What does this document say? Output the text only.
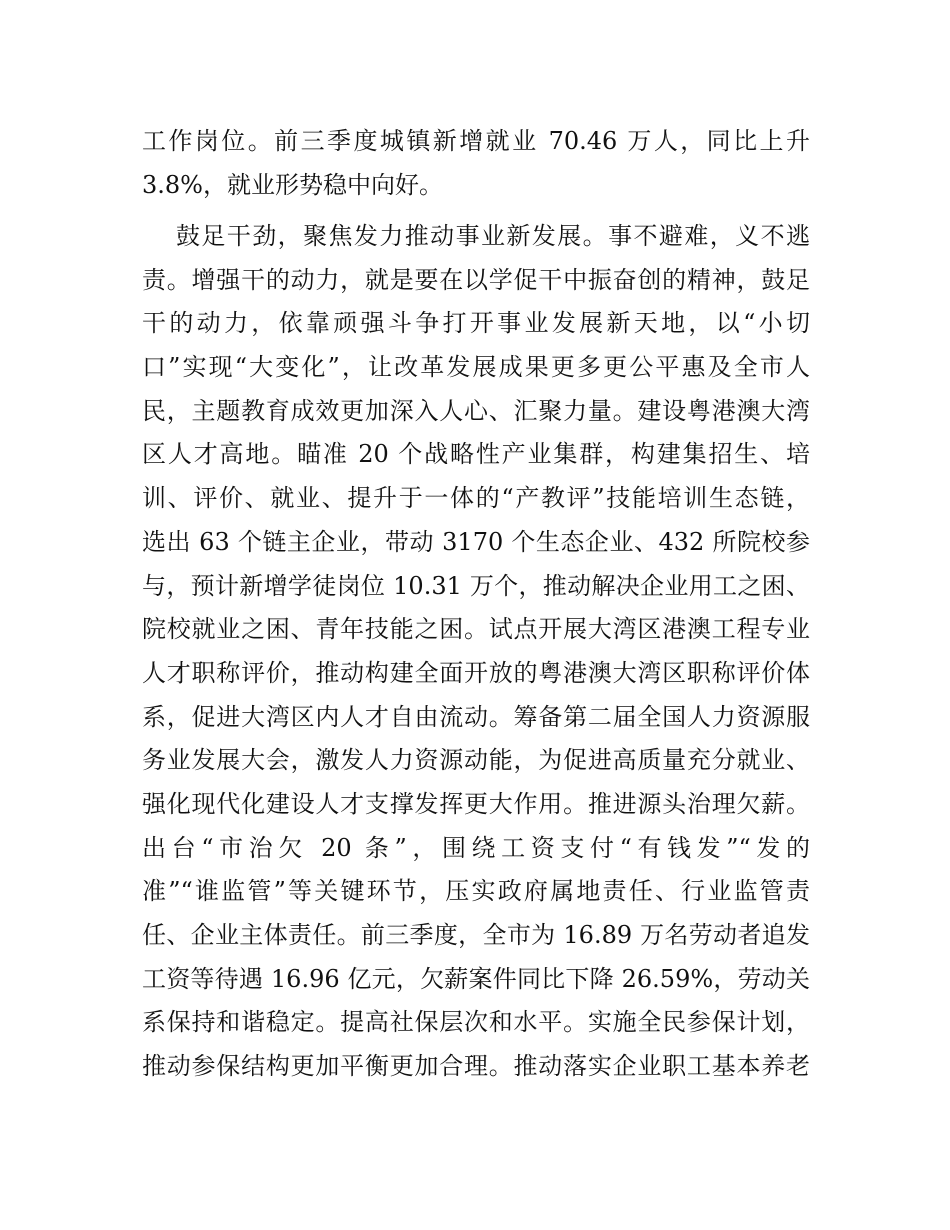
工作岗位。前三季度城镇新增就业 70.46 万人，同比上升
3.8%，就业形势稳中向好。
鼓足干劲，聚焦发力推动事业新发展。事不避难，义不逃
责。增强干的动力，就是要在以学促干中振奋创的精神，鼓足
干的动力，依靠顽强斗争打开事业发展新天地，以“小切
口”实现“大变化”，让改革发展成果更多更公平惠及全市人
民，主题教育成效更加深入人心、汇聚力量。建设粤港澳大湾
区人才高地。瞄准 20 个战略性产业集群，构建集招生、培
训、评价、就业、提升于一体的“产教评”技能培训生态链，
选出 63 个链主企业，带动 3170 个生态企业、432 所院校参
与，预计新增学徒岗位 10.31 万个，推动解决企业用工之困、
院校就业之困、青年技能之困。试点开展大湾区港澳工程专业
人才职称评价，推动构建全面开放的粤港澳大湾区职称评价体
系，促进大湾区内人才自由流动。筹备第二届全国人力资源服
务业发展大会，激发人力资源动能，为促进高质量充分就业、
强化现代化建设人才支撑发挥更大作用。推进源头治理欠薪。
出台“市治欠 20 条”，围绕工资支付“有钱发”“发的
准”“谁监管”等关键环节，压实政府属地责任、行业监管责
任、企业主体责任。前三季度，全市为 16.89 万名劳动者追发
工资等待遇 16.96 亿元，欠薪案件同比下降 26.59%，劳动关
系保持和谐稳定。提高社保层次和水平。实施全民参保计划，
推动参保结构更加平衡更加合理。推动落实企业职工基本养老
